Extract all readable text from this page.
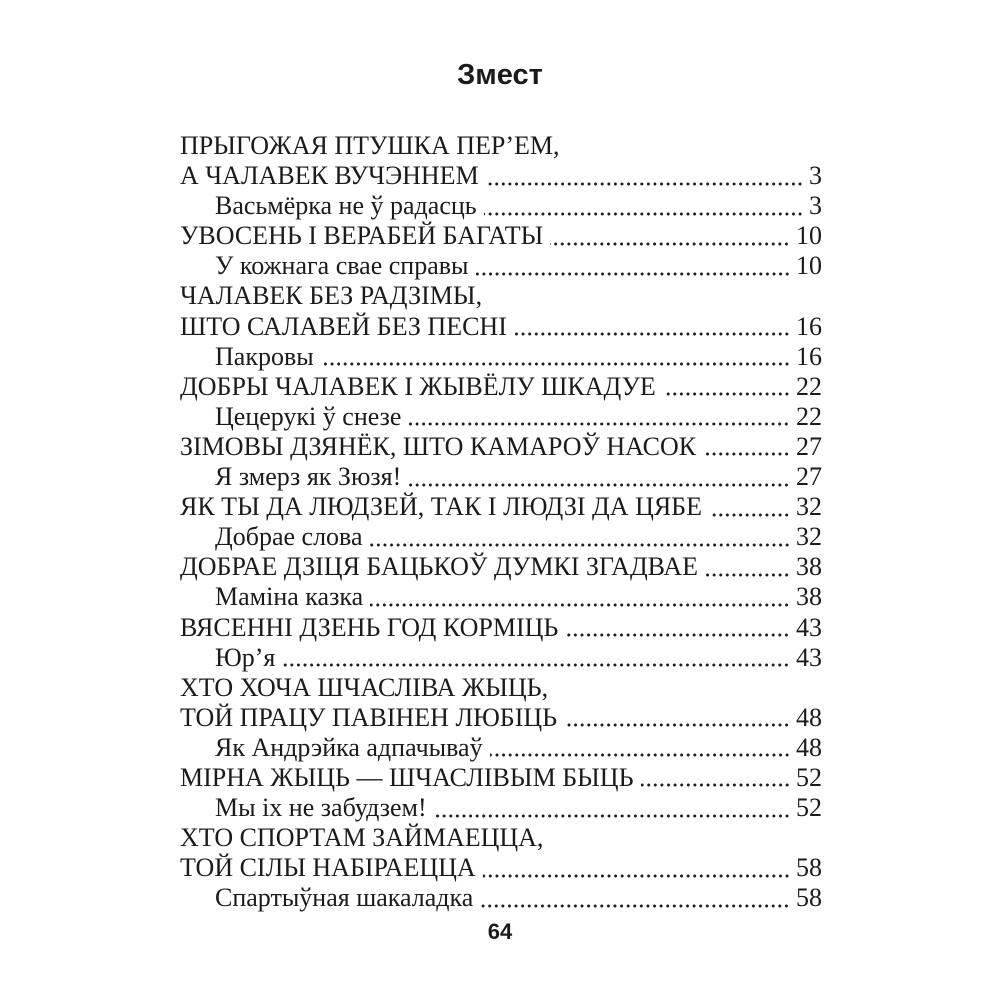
Змест
ПРЫГОЖАЯ ПТУШКА ПЕР’ЕМ,
А ЧАЛАВЕК ВУЧЭННЕМ	3
Васьмёрка не ў радасць	3
УВОСЕНЬ І ВЕРАБЕЙ БАГАТЫ	10
У кожнага свае справы	10
ЧАЛАВЕК БЕЗ РАДЗІМЫ,
ШТО САЛАВЕЙ БЕЗ ПЕСНІ	16
Пакровы	16
ДОБРЫ ЧАЛАВЕК І ЖЫВЁЛУ ШКАДУЕ	22
Цецерукі ў снезе	22
ЗІМОВЫ ДЗЯНЁК, ШТО КАМАРОЎ НАСОК	27
Я змерз як Зюзя!	27
ЯК ТЫ ДА ЛЮДЗЕЙ, ТАК І ЛЮДЗІ ДА ЦЯБЕ	32
Добрае слова	32
ДОБРАЕ ДЗІЦЯ БАЦЬКОЎ ДУМКІ ЗГАДВАЕ	38
Маміна казка	38
ВЯСЕННІ ДЗЕНЬ ГОД КОРМІЦЬ	43
Юр’я	43
ХТО ХОЧА ШЧАСЛІВА ЖЫЦЬ,
ТОЙ ПРАЦУ ПАВІНЕН ЛЮБІЦЬ	48
Як Андрэйка адпачываў	48
МІРНА ЖЫЦЬ — ШЧАСЛІВЫМ БЫЦЬ	52
Мы іх не забудзем!	52
ХТО СПОРТАМ ЗАЙМАЕЦЦА,
ТОЙ СІЛЫ НАБІРАЕЦЦА	58
Спартыўная шакаладка	58
64
